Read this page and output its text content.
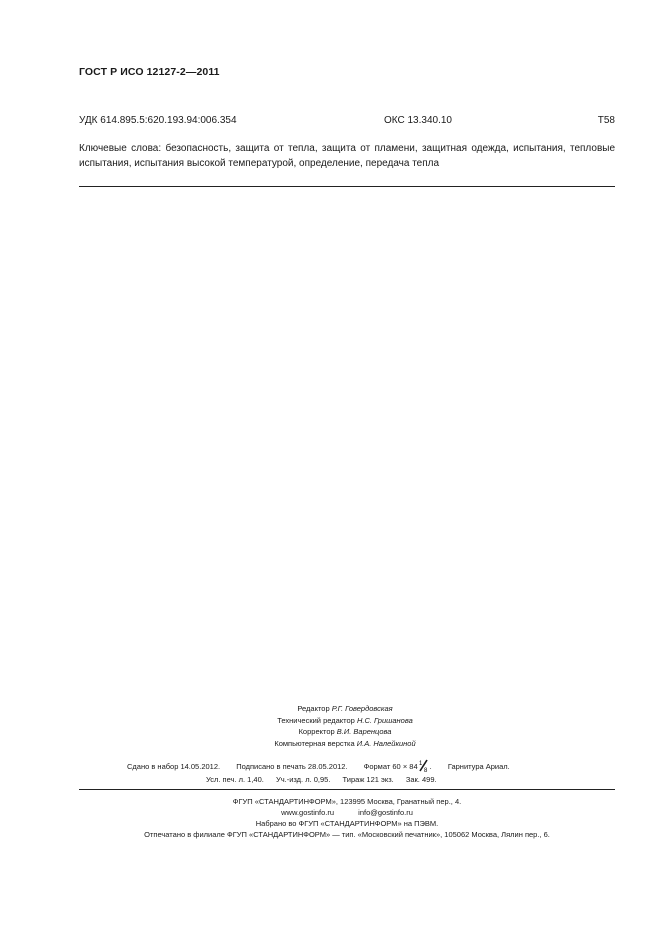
ГОСТ Р ИСО 12127-2—2011
УДК 614.895.5:620.193.94:006.354	ОКС 13.340.10	Т58
Ключевые слова: безопасность, защита от тепла, защита от пламени, защитная одежда, испытания, тепловые испытания, испытания высокой температурой, определение, передача тепла
Редактор Р.Г. Говердовская
Технический редактор Н.С. Гришанова
Корректор В.И. Варенцова
Компьютерная верстка И.А. Налейкиной
Сдано в набор 14.05.2012. Подписано в печать 28.05.2012. Формат 60 × 84 1
8
. Гарнитура Ариал.
Усл. печ. л. 1,40. Уч.-изд. л. 0,95. Тираж 121 экз. Зак. 499.
ФГУП «СТАНДАРТИНФОРМ», 123995 Москва, Гранатный пер., 4.
www.gostinfo.ru	info@gostinfo.ru
Набрано во ФГУП «СТАНДАРТИНФОРМ» на ПЭВМ.
Отпечатано в филиале ФГУП «СТАНДАРТИНФОРМ» — тип. «Московский печатник», 105062 Москва, Лялин пер., 6.
